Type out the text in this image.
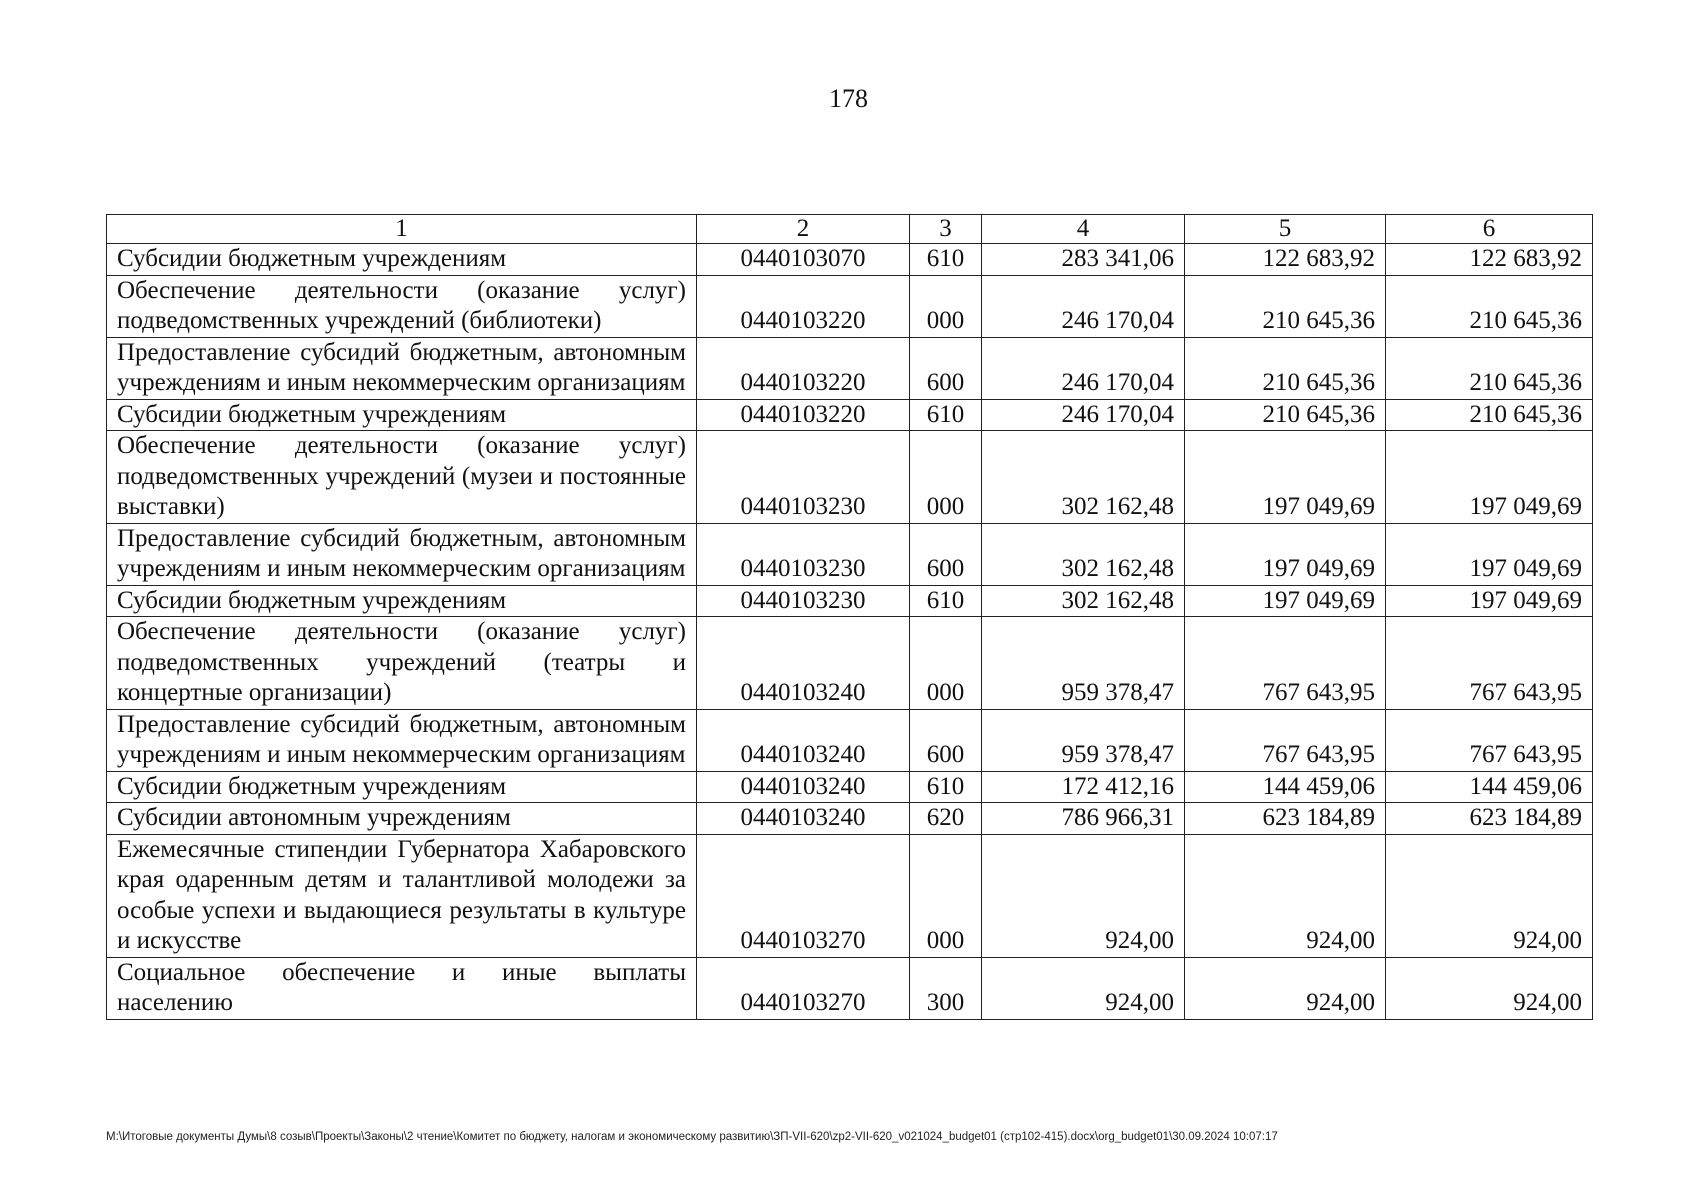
178
1	2	3	4	5	6
Субсидии бюджетным учреждениям	0440103070	610	283 341,06	122 683,92	122 683,92
Обеспечение деятельности (оказание услуг) подведомственных учреждений (библиотеки)	0440103220	000	246 170,04	210 645,36	210 645,36
Предоставление субсидий бюджетным, автономным учреждениям и иным некоммерческим организациям	0440103220	600	246 170,04	210 645,36	210 645,36
Субсидии бюджетным учреждениям	0440103220	610	246 170,04	210 645,36	210 645,36
Обеспечение деятельности (оказание услуг) подведомственных учреждений (музеи и постоянные выставки)	0440103230	000	302 162,48	197 049,69	197 049,69
Предоставление субсидий бюджетным, автономным учреждениям и иным некоммерческим организациям	0440103230	600	302 162,48	197 049,69	197 049,69
Субсидии бюджетным учреждениям	0440103230	610	302 162,48	197 049,69	197 049,69
Обеспечение деятельности (оказание услуг) подведомственных учреждений (театры и концертные организации)	0440103240	000	959 378,47	767 643,95	767 643,95
Предоставление субсидий бюджетным, автономным учреждениям и иным некоммерческим организациям	0440103240	600	959 378,47	767 643,95	767 643,95
Субсидии бюджетным учреждениям	0440103240	610	172 412,16	144 459,06	144 459,06
Субсидии автономным учреждениям	0440103240	620	786 966,31	623 184,89	623 184,89
Ежемесячные стипендии Губернатора Хабаровского края одаренным детям и талантливой молодежи за особые успехи и выдающиеся результаты в культуре и искусстве	0440103270	000	924,00	924,00	924,00
Социальное обеспечение и иные выплаты населению	0440103270	300	924,00	924,00	924,00
M:\Итоговые документы Думы\8 созыв\Проекты\Законы\2 чтение\Комитет по бюджету, налогам и экономическому развитию\ЗП-VII-620\zp2-VII-620_v021024_budget01 (стр102-415).docx\org_budget01\30.09.2024 10:07:17
